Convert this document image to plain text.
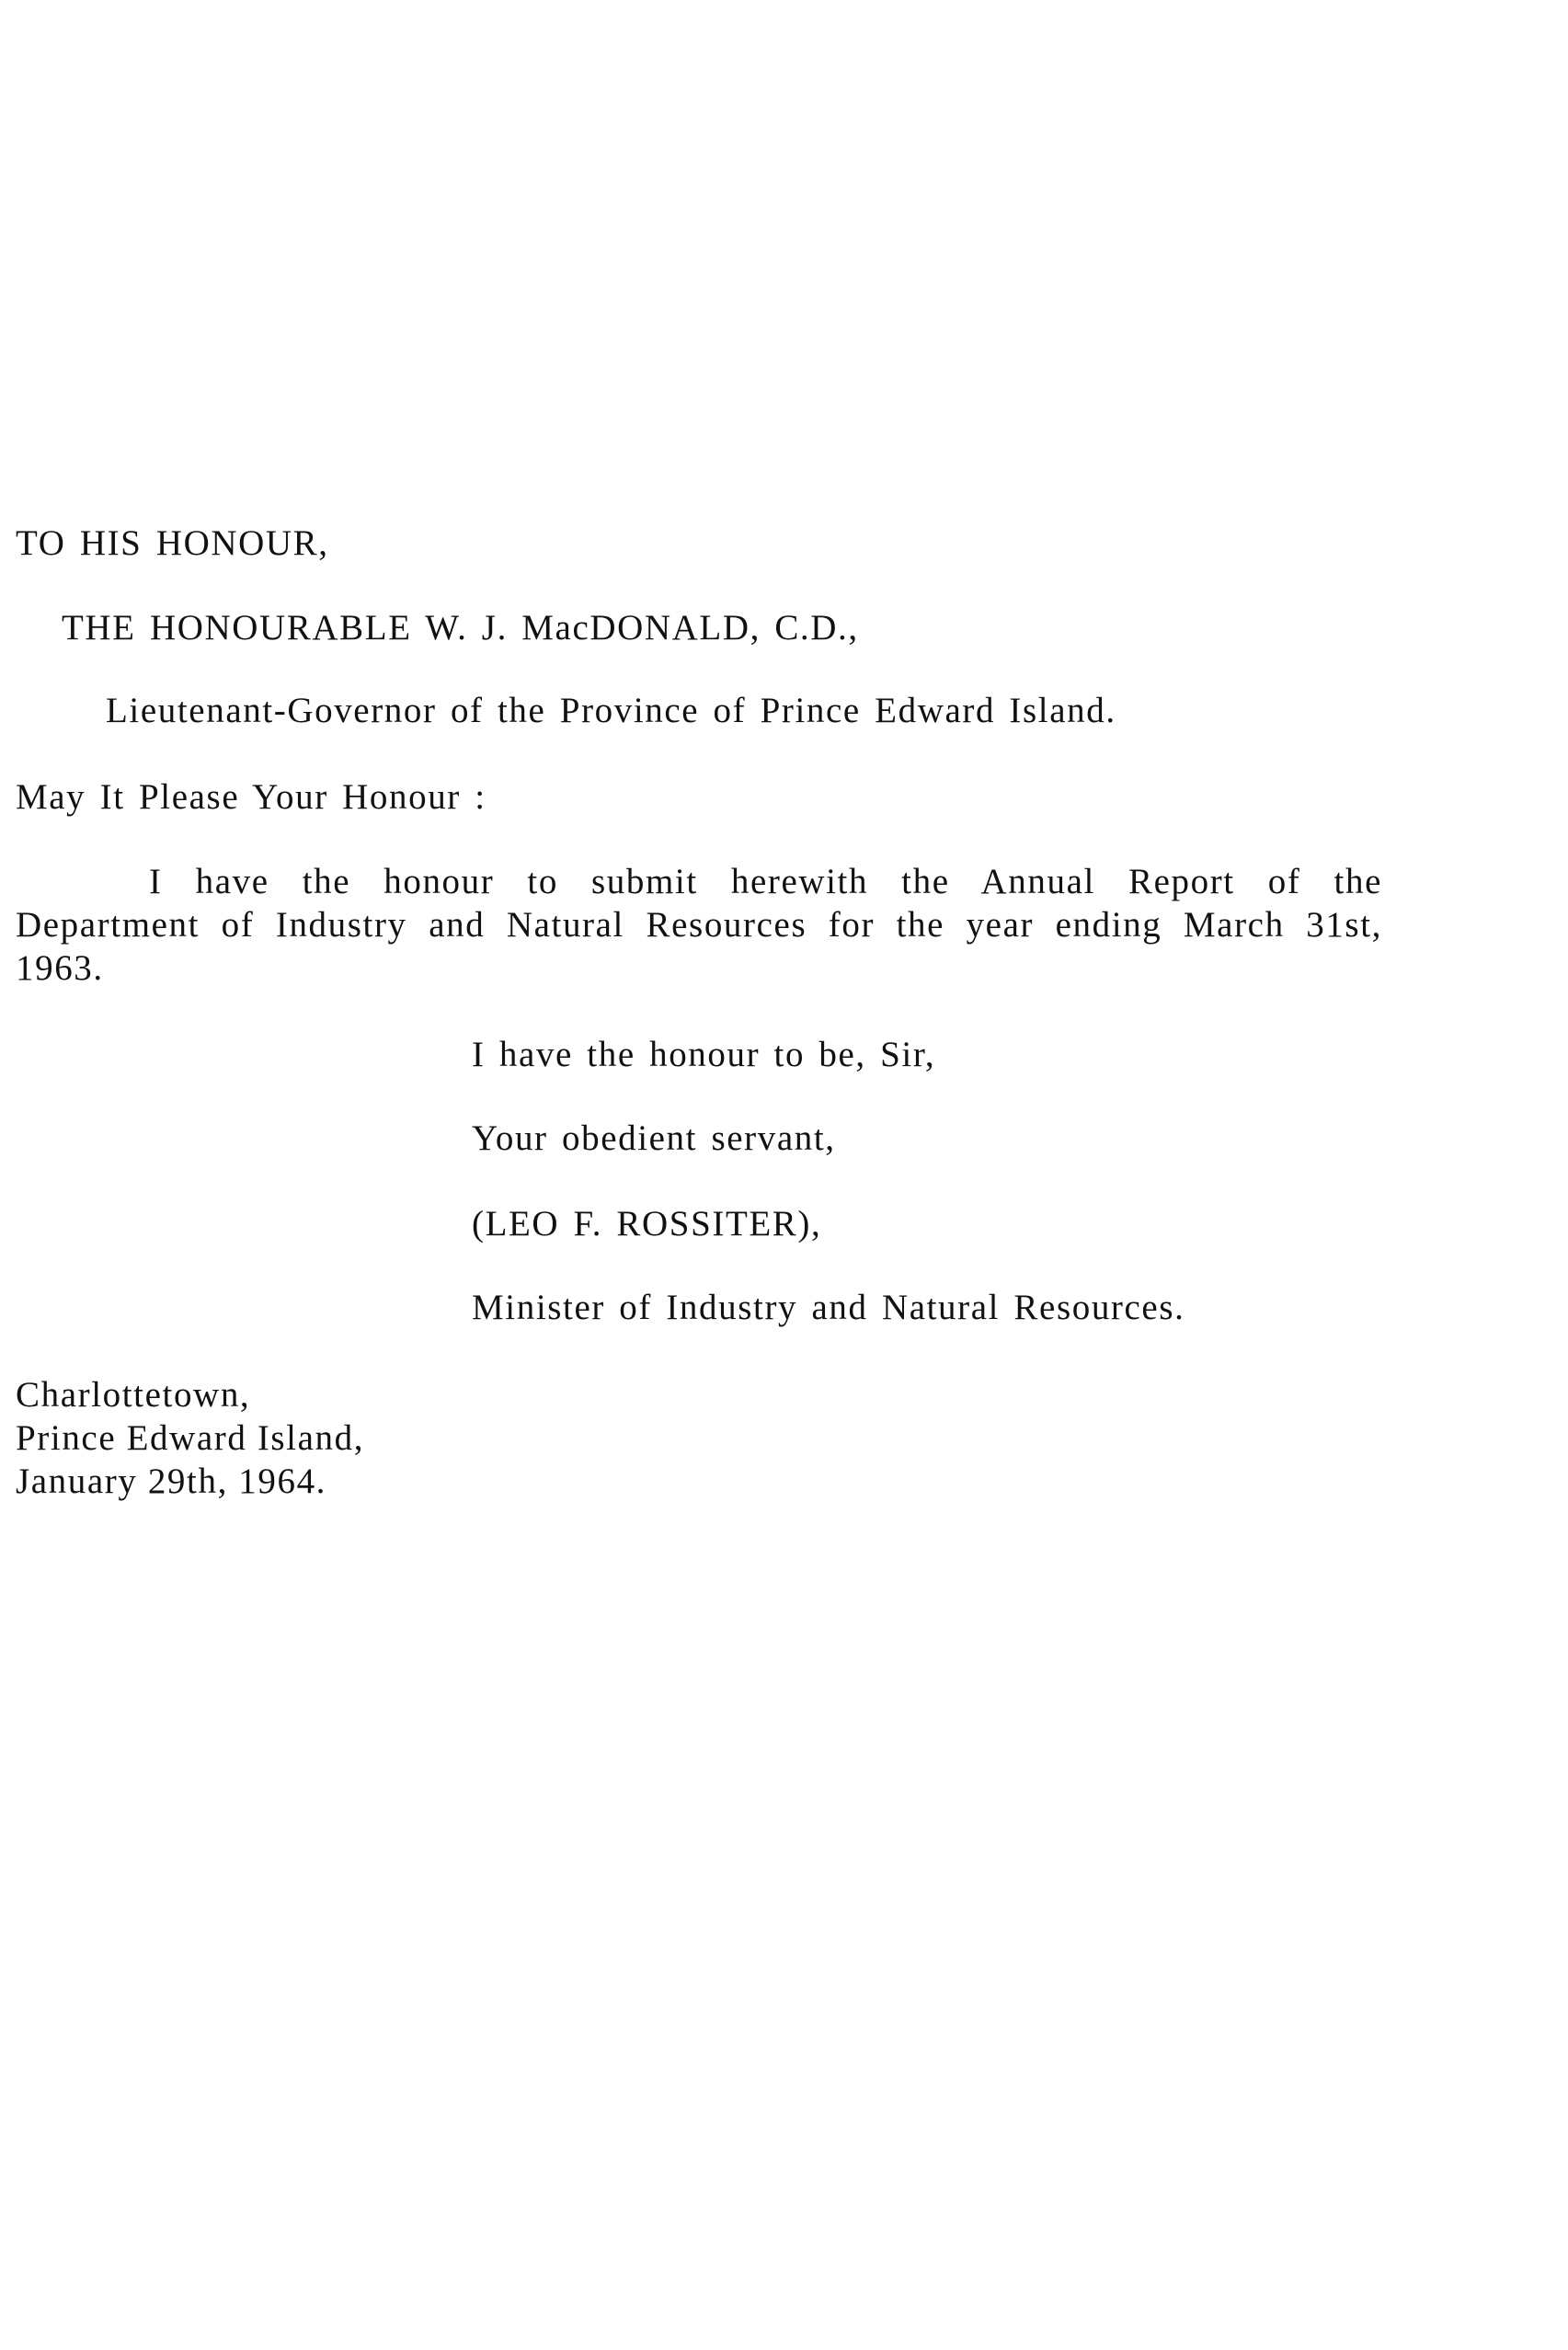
TO HIS HONOUR,
THE HONOURABLE W. J. MacDONALD, C.D.,
Lieutenant-Governor of the Province of Prince Edward Island.
May It Please Your Honour :

I have the honour to submit herewith the Annual Report of the Department of Industry and Natural Resources for the year ending March 31st, 1963.

I have the honour to be, Sir,
Your obedient servant,
(LEO F. ROSSITER),
Minister of Industry and Natural Resources.
Charlottetown,
Prince Edward Island,
January 29th, 1964.
